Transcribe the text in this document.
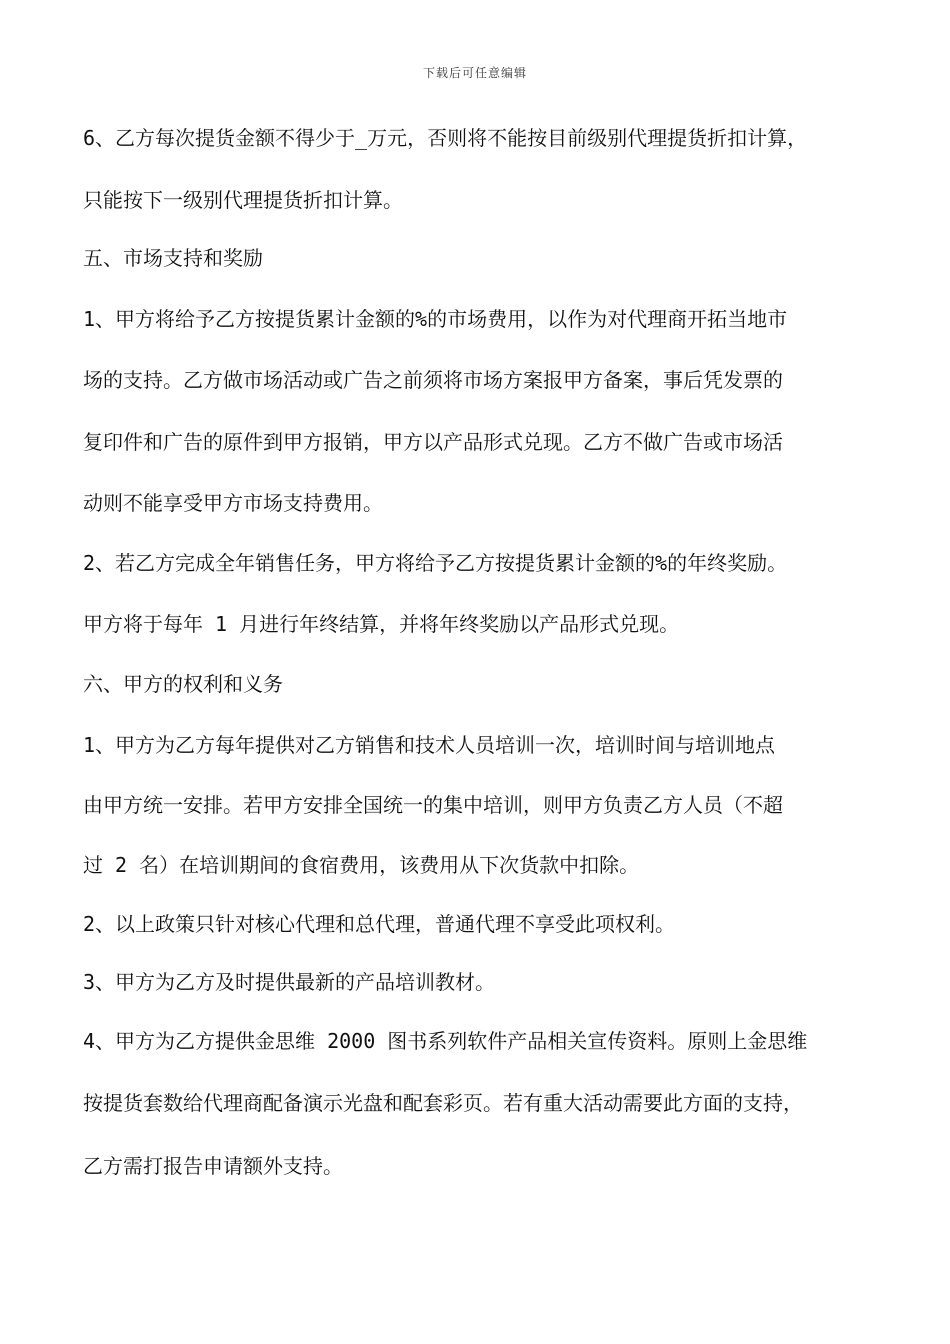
下载后可任意编辑
6、乙方每次提货金额不得少于_万元，否则将不能按目前级别代理提货折扣计算，
只能按下一级别代理提货折扣计算。
五、市场支持和奖励
1、甲方将给予乙方按提货累计金额的%的市场费用，以作为对代理商开拓当地市
场的支持。乙方做市场活动或广告之前须将市场方案报甲方备案，事后凭发票的
复印件和广告的原件到甲方报销，甲方以产品形式兑现。乙方不做广告或市场活
动则不能享受甲方市场支持费用。
2、若乙方完成全年销售任务，甲方将给予乙方按提货累计金额的%的年终奖励。
甲方将于每年 1 月进行年终结算，并将年终奖励以产品形式兑现。
六、甲方的权利和义务
1、甲方为乙方每年提供对乙方销售和技术人员培训一次，培训时间与培训地点
由甲方统一安排。若甲方安排全国统一的集中培训，则甲方负责乙方人员（不超
过 2 名）在培训期间的食宿费用，该费用从下次货款中扣除。
2、以上政策只针对核心代理和总代理，普通代理不享受此项权利。
3、甲方为乙方及时提供最新的产品培训教材。
4、甲方为乙方提供金思维 2000 图书系列软件产品相关宣传资料。原则上金思维
按提货套数给代理商配备演示光盘和配套彩页。若有重大活动需要此方面的支持，
乙方需打报告申请额外支持。
